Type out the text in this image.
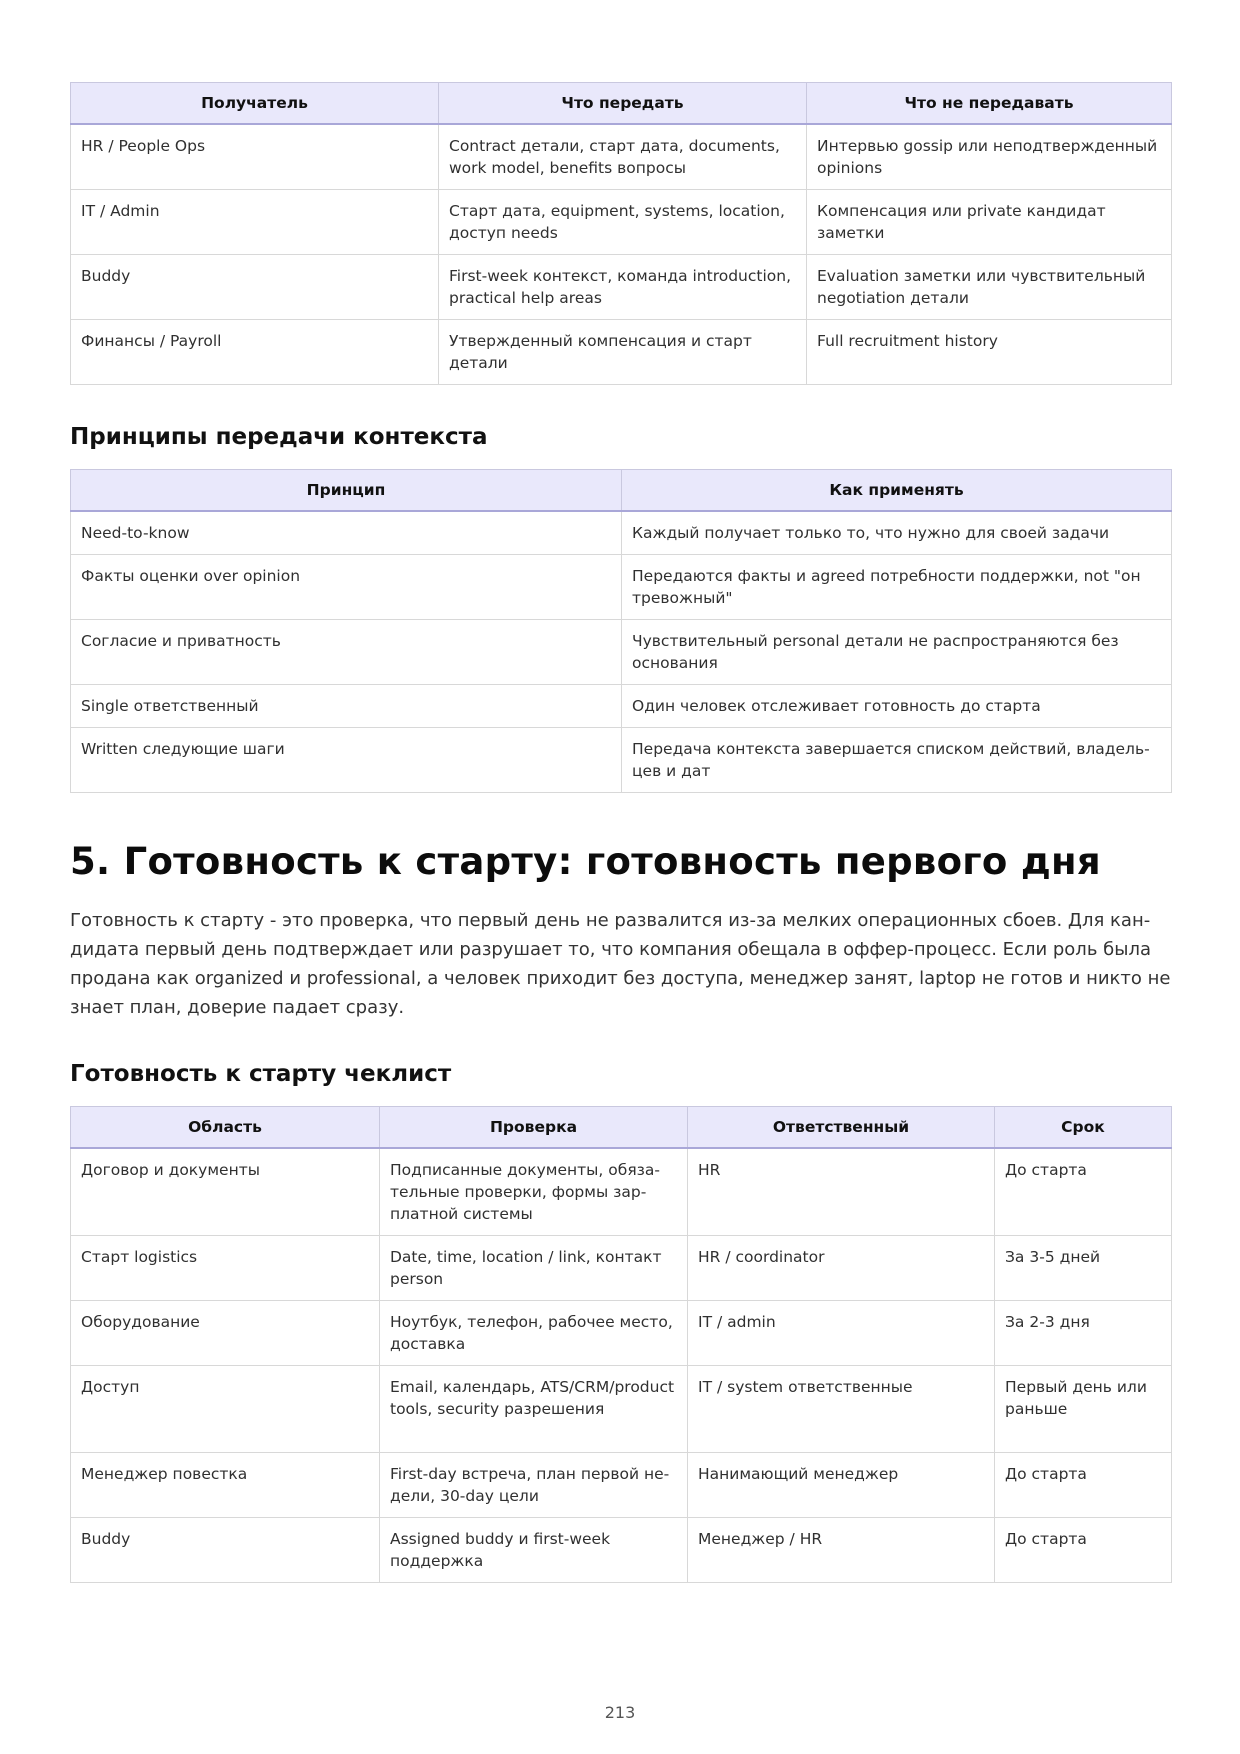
Получатель	Что передать	Что не передавать
HR / People Ops	Contract детали, старт дата, documents, work model, benefits вопросы	Интервью gossip или неподтвержденный opinions
IT / Admin	Старт дата, equipment, systems, location, доступ needs	Компенсация или private кандидат заметки
Buddy	First-week контекст, команда introduction, practical help areas	Evaluation заметки или чувствительный negotiation детали
Финансы / Payroll	Утвержденный компенсация и старт детали	Full recruitment history
Принципы передачи контекста
Принцип	Как применять
Need-to-know	Каждый получает только то, что нужно для своей задачи
Факты оценки over opinion	Передаются факты и agreed потребности поддержки, not "он тревожный"
Согласие и приватность	Чувствительный personal детали не распространяются без основания
Single ответственный	Один человек отслеживает готовность до старта
Written следующие шаги	Передача контекста завершается списком действий, владельцев и дат
5. Готовность к старту: готовность первого дня

Готовность к старту - это проверка, что первый день не развалится из-за мелких операционных сбоев. Для кандидата первый день подтверждает или разрушает то, что компания обещала в оффер-процесс. Если роль была продана как organized и professional, а человек приходит без доступа, менеджер занят, laptop не готов и никто не знает план, доверие падает сразу.

Готовность к старту чеклист
Область	Проверка	Ответственный	Срок
Договор и документы	Подписанные документы, обязательные проверки, формы зарплатной системы	HR	До старта
Старт logistics	Date, time, location / link, контакт person	HR / coordinator	За 3-5 дней
Оборудование	Ноутбук, телефон, рабочее место, доставка	IT / admin	За 2-3 дня
Доступ	Email, календарь, ATS/CRM/product tools, security разрешения	IT / system ответственные	Первый день или раньше
Менеджер повестка	First-day встреча, план первой недели, 30-day цели	Нанимающий менеджер	До старта
Buddy	Assigned buddy и first-week поддержка	Менеджер / HR	До старта
213
